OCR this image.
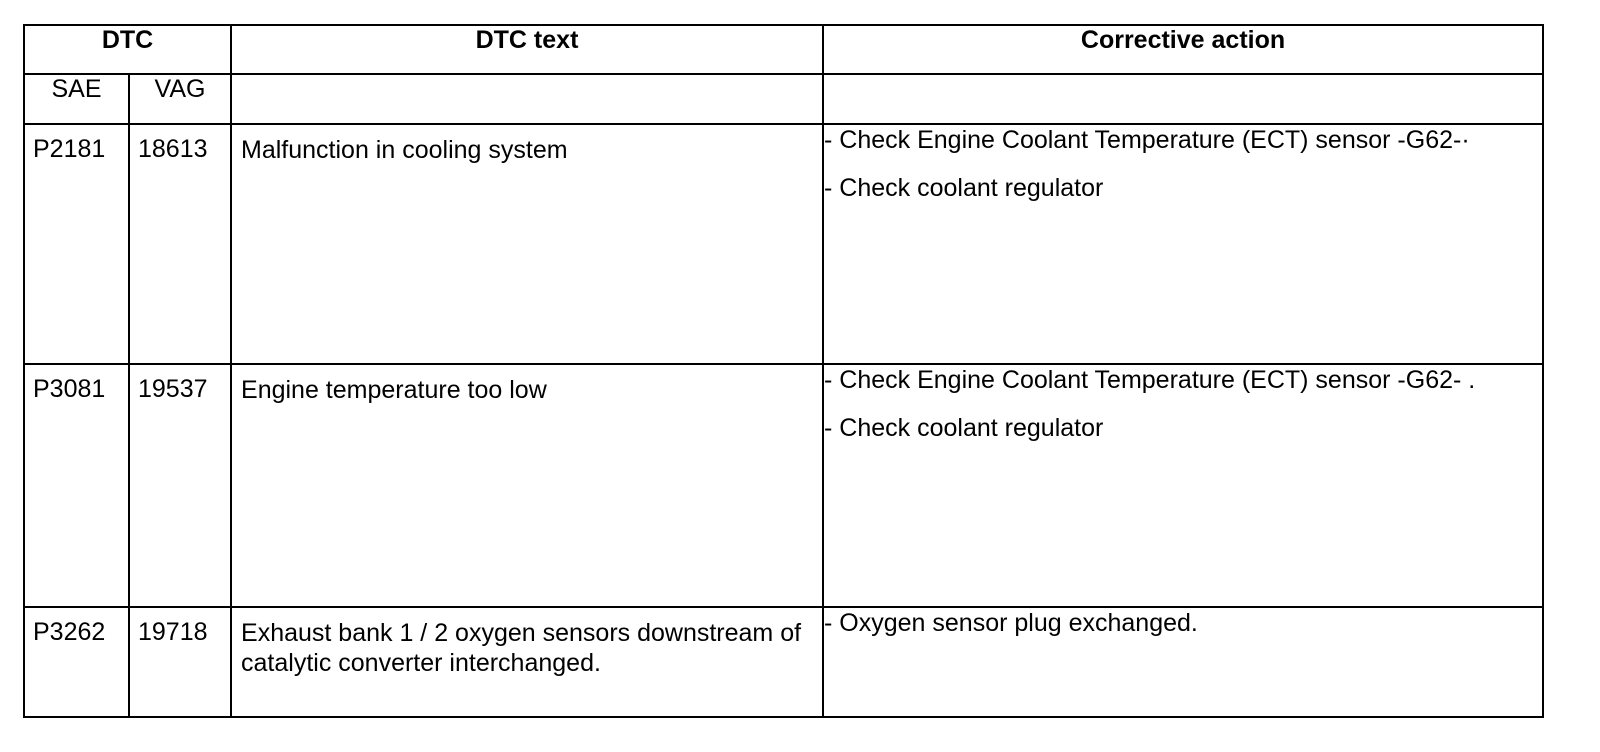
DTC		DTC text	Corrective action
SAE	VAG		

P2181	18613	Malfunction in cooling system	- Check Engine Coolant Temperature (ECT) sensor -G62-·
- Check coolant regulator

P3081	19537	Engine temperature too low	- Check Engine Coolant Temperature (ECT) sensor -G62- .
- Check coolant regulator

P3262	19718	Exhaust bank 1 / 2 oxygen sensors downstream of catalytic converter interchanged.	- Oxygen sensor plug exchanged.
